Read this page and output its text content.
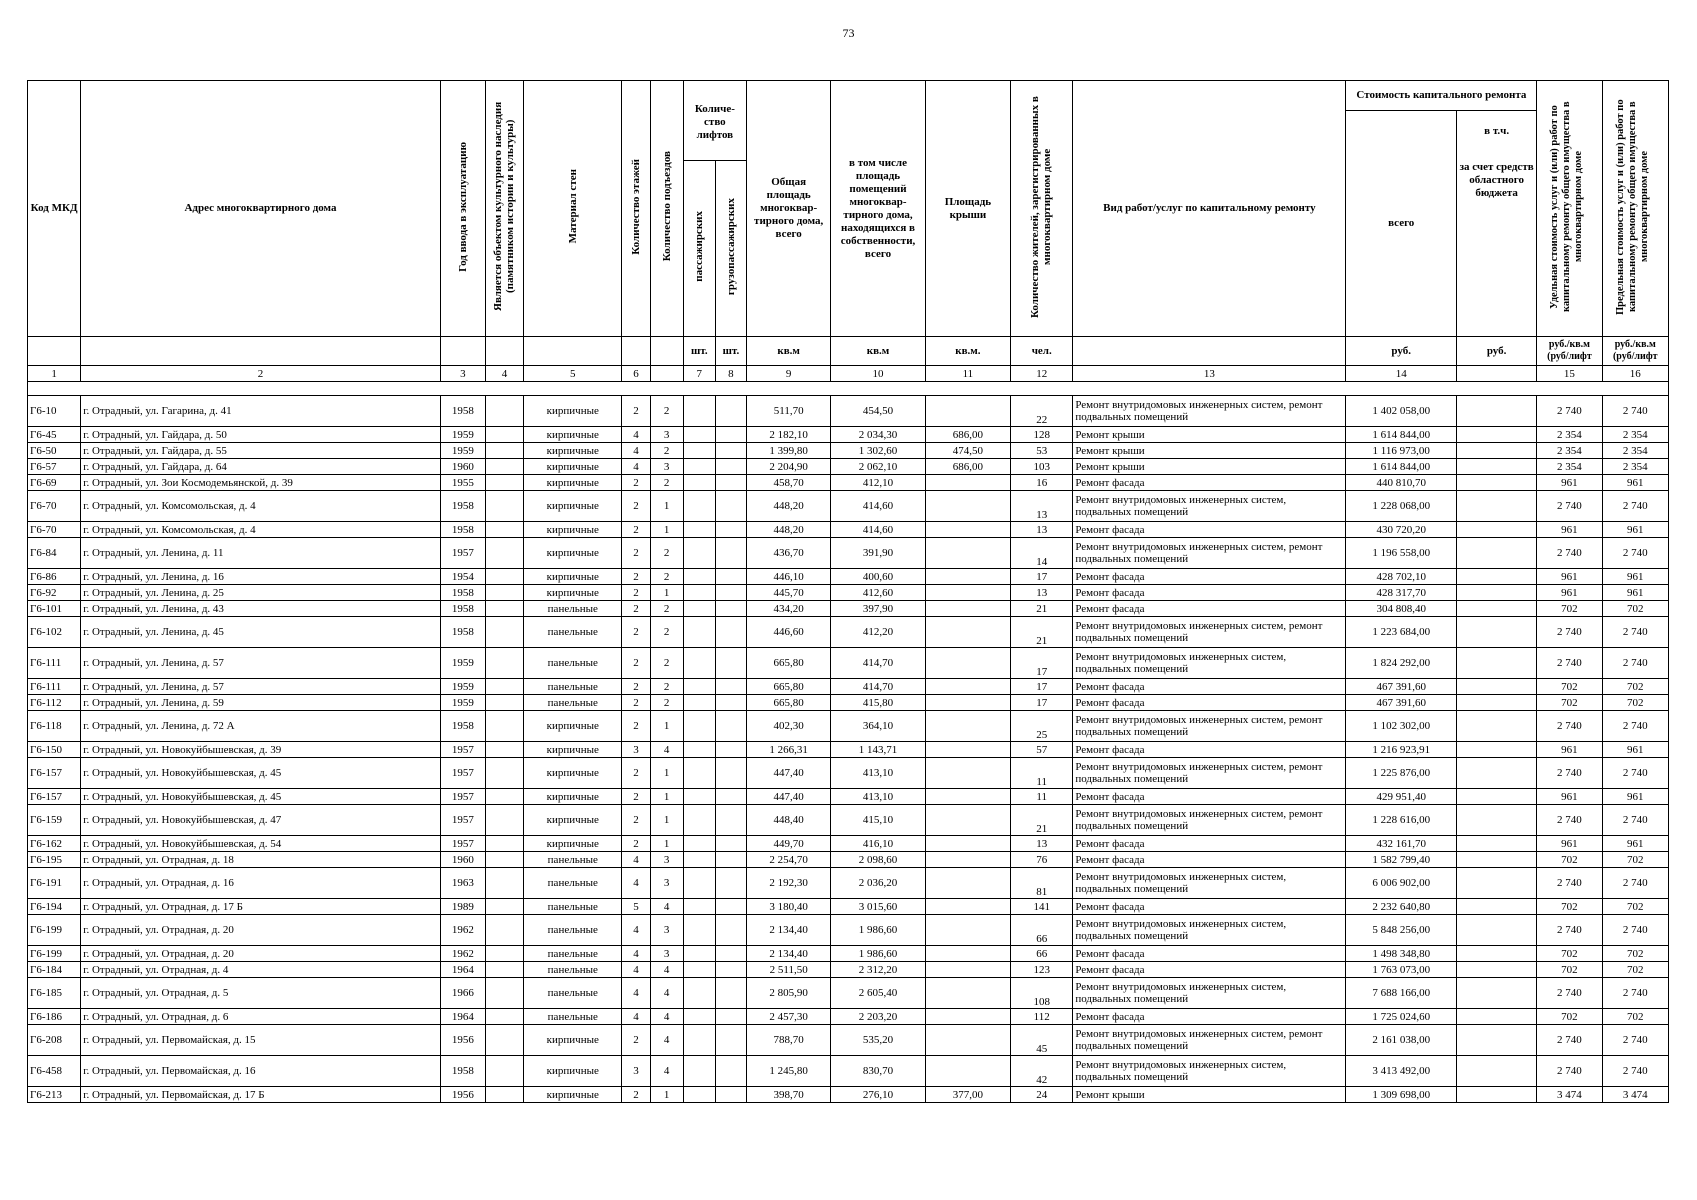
73
Код МКД	Адрес многоквартирного дома	Год ввода в эксплуатацию	Является объектом культурного наследия (памятником истории и культуры)	Материал стен	Количество этажей	Количество подъездов	Количе-ство лифтов		Общая площадь многоквар-тирного дома, всего	в том числе площадь помещений многоквар-тирного дома, находящихся в собственности, всего	Площадь крыши	Количество жителей, зарегистрированных в многоквартирном доме	Вид работ/услуг по капитальному ремонту	Стоимость капитального ремонта		Удельная стоимость услуг и (или) работ по капитальному ремонту общего имущества в многоквартирном доме	Предельная стоимость услуг и (или) работ по капитальному ремонту общего имущества в многоквартирном доме
														всего	в т.ч.		
							пассажирских	грузопассажирских							за счет средств областного бюджета		
							шт.	шт.	кв.м	кв.м	кв.м.	чел.		руб.	руб.	руб./кв.м (руб/лифт	руб./кв.м (руб/лифт
1	2	3	4	5	6		7	8	9	10	11	12	13	14		15	16

Г6-10	г. Отрадный, ул. Гагарина, д. 41	1958		кирпичные	2	2			511,70	454,50		22	Ремонт внутридомовых инженерных систем, ремонт подвальных помещений	1 402 058,00		2 740	2 740
Г6-45	г. Отрадный, ул. Гайдара, д. 50	1959		кирпичные	4	3			2 182,10	2 034,30	686,00	128	Ремонт крыши	1 614 844,00		2 354	2 354
Г6-50	г. Отрадный, ул. Гайдара, д. 55	1959		кирпичные	4	2			1 399,80	1 302,60	474,50	53	Ремонт крыши	1 116 973,00		2 354	2 354
Г6-57	г. Отрадный, ул. Гайдара, д. 64	1960		кирпичные	4	3			2 204,90	2 062,10	686,00	103	Ремонт крыши	1 614 844,00		2 354	2 354
Г6-69	г. Отрадный, ул. Зои Космодемьянской, д. 39	1955		кирпичные	2	2			458,70	412,10		16	Ремонт фасада	440 810,70		961	961
Г6-70	г. Отрадный, ул. Комсомольская, д. 4	1958		кирпичные	2	1			448,20	414,60		13	Ремонт внутридомовых инженерных систем, подвальных помещений	1 228 068,00		2 740	2 740
Г6-70	г. Отрадный, ул. Комсомольская, д. 4	1958		кирпичные	2	1			448,20	414,60		13	Ремонт фасада	430 720,20		961	961
Г6-84	г. Отрадный, ул. Ленина, д. 11	1957		кирпичные	2	2			436,70	391,90		14	Ремонт внутридомовых инженерных систем, ремонт подвальных помещений	1 196 558,00		2 740	2 740
Г6-86	г. Отрадный, ул. Ленина, д. 16	1954		кирпичные	2	2			446,10	400,60		17	Ремонт фасада	428 702,10		961	961
Г6-92	г. Отрадный, ул. Ленина, д. 25	1958		кирпичные	2	1			445,70	412,60		13	Ремонт фасада	428 317,70		961	961
Г6-101	г. Отрадный, ул. Ленина, д. 43	1958		панельные	2	2			434,20	397,90		21	Ремонт фасада	304 808,40		702	702
Г6-102	г. Отрадный, ул. Ленина, д. 45	1958		панельные	2	2			446,60	412,20		21	Ремонт внутридомовых инженерных систем, ремонт подвальных помещений	1 223 684,00		2 740	2 740
Г6-111	г. Отрадный, ул. Ленина, д. 57	1959		панельные	2	2			665,80	414,70		17	Ремонт внутридомовых инженерных систем, подвальных помещений	1 824 292,00		2 740	2 740
Г6-111	г. Отрадный, ул. Ленина, д. 57	1959		панельные	2	2			665,80	414,70		17	Ремонт фасада	467 391,60		702	702
Г6-112	г. Отрадный, ул. Ленина, д. 59	1959		панельные	2	2			665,80	415,80		17	Ремонт фасада	467 391,60		702	702
Г6-118	г. Отрадный, ул. Ленина, д. 72 А	1958		кирпичные	2	1			402,30	364,10		25	Ремонт внутридомовых инженерных систем, ремонт подвальных помещений	1 102 302,00		2 740	2 740
Г6-150	г. Отрадный, ул. Новокуйбышевская, д. 39	1957		кирпичные	3	4			1 266,31	1 143,71		57	Ремонт фасада	1 216 923,91		961	961
Г6-157	г. Отрадный, ул. Новокуйбышевская, д. 45	1957		кирпичные	2	1			447,40	413,10		11	Ремонт внутридомовых инженерных систем, ремонт подвальных помещений	1 225 876,00		2 740	2 740
Г6-157	г. Отрадный, ул. Новокуйбышевская, д. 45	1957		кирпичные	2	1			447,40	413,10		11	Ремонт фасада	429 951,40		961	961
Г6-159	г. Отрадный, ул. Новокуйбышевская, д. 47	1957		кирпичные	2	1			448,40	415,10		21	Ремонт внутридомовых инженерных систем, ремонт подвальных помещений	1 228 616,00		2 740	2 740
Г6-162	г. Отрадный, ул. Новокуйбышевская, д. 54	1957		кирпичные	2	1			449,70	416,10		13	Ремонт фасада	432 161,70		961	961
Г6-195	г. Отрадный, ул. Отрадная, д. 18	1960		панельные	4	3			2 254,70	2 098,60		76	Ремонт фасада	1 582 799,40		702	702
Г6-191	г. Отрадный, ул. Отрадная, д. 16	1963		панельные	4	3			2 192,30	2 036,20		81	Ремонт внутридомовых инженерных систем, подвальных помещений	6 006 902,00		2 740	2 740
Г6-194	г. Отрадный, ул. Отрадная, д. 17 Б	1989		панельные	5	4			3 180,40	3 015,60		141	Ремонт фасада	2 232 640,80		702	702
Г6-199	г. Отрадный, ул. Отрадная, д. 20	1962		панельные	4	3			2 134,40	1 986,60		66	Ремонт внутридомовых инженерных систем, подвальных помещений	5 848 256,00		2 740	2 740
Г6-199	г. Отрадный, ул. Отрадная, д. 20	1962		панельные	4	3			2 134,40	1 986,60		66	Ремонт фасада	1 498 348,80		702	702
Г6-184	г. Отрадный, ул. Отрадная, д. 4	1964		панельные	4	4			2 511,50	2 312,20		123	Ремонт фасада	1 763 073,00		702	702
Г6-185	г. Отрадный, ул. Отрадная, д. 5	1966		панельные	4	4			2 805,90	2 605,40		108	Ремонт внутридомовых инженерных систем, подвальных помещений	7 688 166,00		2 740	2 740
Г6-186	г. Отрадный, ул. Отрадная, д. 6	1964		панельные	4	4			2 457,30	2 203,20		112	Ремонт фасада	1 725 024,60		702	702
Г6-208	г. Отрадный, ул. Первомайская, д. 15	1956		кирпичные	2	4			788,70	535,20		45	Ремонт внутридомовых инженерных систем, ремонт подвальных помещений	2 161 038,00		2 740	2 740
Г6-458	г. Отрадный, ул. Первомайская, д. 16	1958		кирпичные	3	4			1 245,80	830,70		42	Ремонт внутридомовых инженерных систем, подвальных помещений	3 413 492,00		2 740	2 740
Г6-213	г. Отрадный, ул. Первомайская, д. 17 Б	1956		кирпичные	2	1			398,70	276,10	377,00	24	Ремонт крыши	1 309 698,00		3 474	3 474
